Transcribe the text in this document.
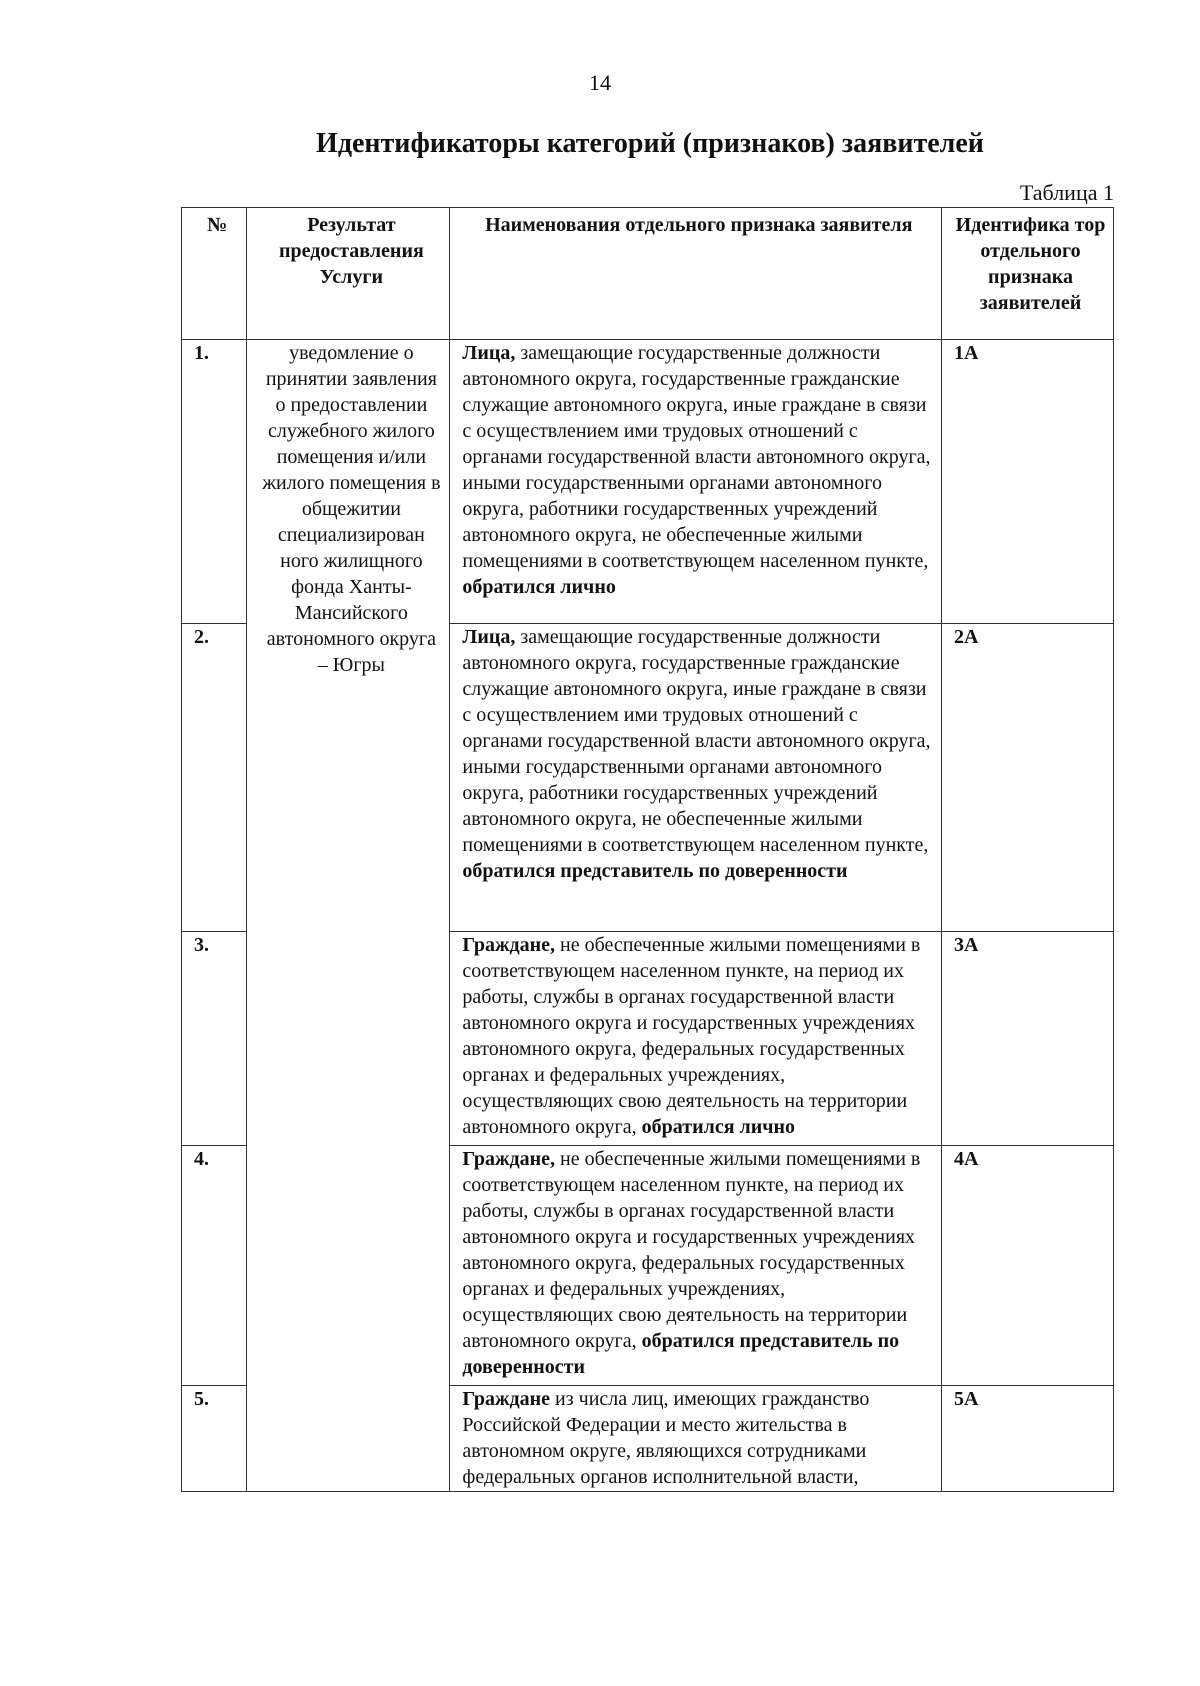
14
Идентификаторы категорий (признаков) заявителей
Таблица 1
№	Результат предоставления Услуги	Наименования отдельного признака заявителя	Идентифика тор отдельного признака заявителей
1.	уведомление о принятии заявления о предоставлении служебного жилого помещения и/или жилого помещения в общежитии специализирован ного жилищного фонда Ханты-Мансийского автономного округа – Югры	Лица, замещающие государственные должности автономного округа, государственные гражданские служащие автономного округа, иные граждане в связи с осуществлением ими трудовых отношений с органами государственной власти автономного округа, иными государственными органами автономного округа, работники государственных учреждений автономного округа, не обеспеченные жилыми помещениями в соответствующем населенном пункте, обратился лично	1А
2.		Лица, замещающие государственные должности автономного округа, государственные гражданские служащие автономного округа, иные граждане в связи с осуществлением ими трудовых отношений с органами государственной власти автономного округа, иными государственными органами автономного округа, работники государственных учреждений автономного округа, не обеспеченные жилыми помещениями в соответствующем населенном пункте, обратился представитель по доверенности	2А
3.		Граждане, не обеспеченные жилыми помещениями в соответствующем населенном пункте, на период их работы, службы в органах государственной власти автономного округа и государственных учреждениях автономного округа, федеральных государственных органах и федеральных учреждениях, осуществляющих свою деятельность на территории автономного округа, обратился лично	3А
4.		Граждане, не обеспеченные жилыми помещениями в соответствующем населенном пункте, на период их работы, службы в органах государственной власти автономного округа и государственных учреждениях автономного округа, федеральных государственных органах и федеральных учреждениях, осуществляющих свою деятельность на территории автономного округа, обратился представитель по доверенности	4А
5.		Граждане из числа лиц, имеющих гражданство Российской Федерации и место жительства в автономном округе, являющихся сотрудниками федеральных органов исполнительной власти,	5А
